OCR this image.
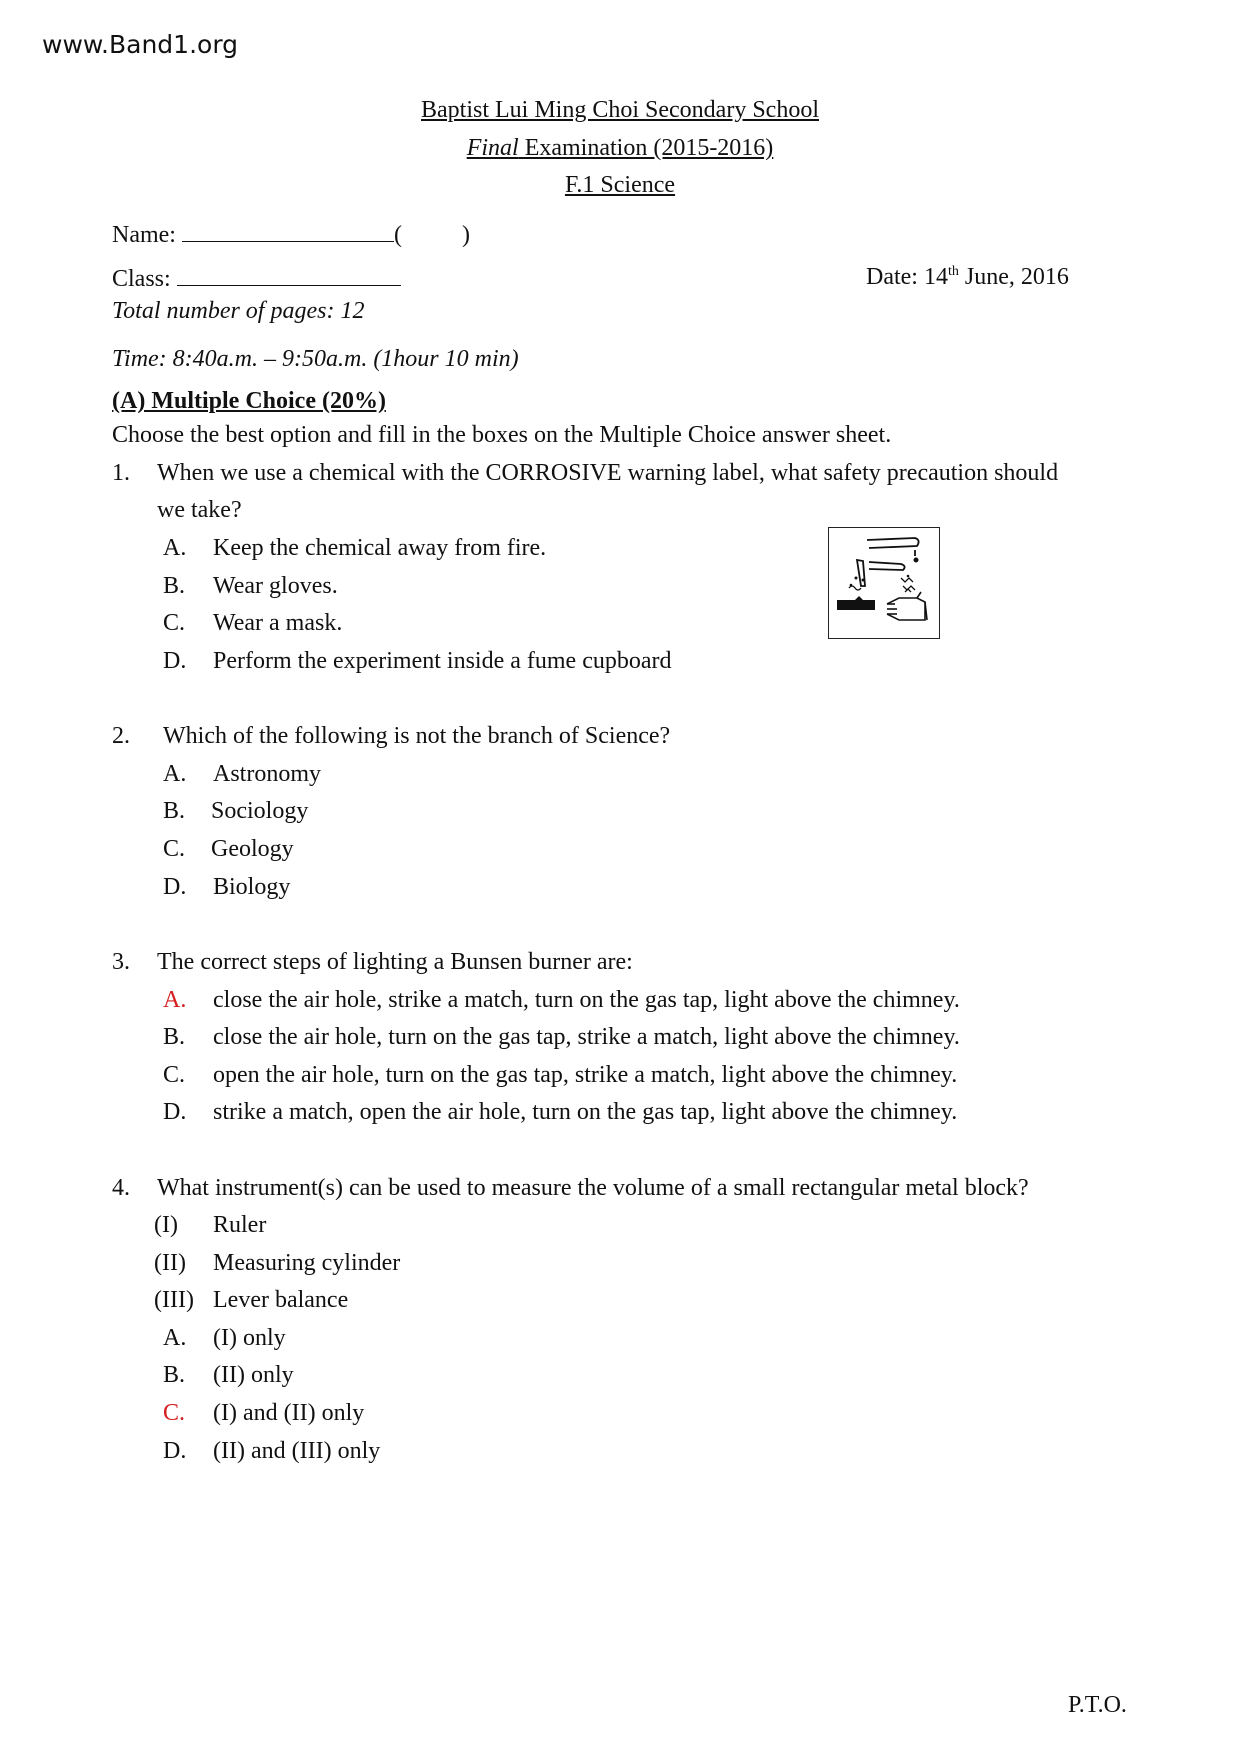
www.Band1.org
Baptist Lui Ming Choi Secondary School
Final Examination (2015-2016)
F.1 Science
Name:	(	)
Class:	Date: 14th June, 2016
Total number of pages: 12
Time: 8:40a.m. – 9:50a.m. (1hour 10 min)
(A) Multiple Choice (20%)
Choose the best option and fill in the boxes on the Multiple Choice answer sheet.
1. When we use a chemical with the CORROSIVE warning label, what safety precaution should
we take?
A. Keep the chemical away from fire.
B. Wear gloves.
C. Wear a mask.
D. Perform the experiment inside a fume cupboard
2. Which of the following is not the branch of Science?
A. Astronomy
B. Sociology
C. Geology
D. Biology
3. The correct steps of lighting a Bunsen burner are:
A. close the air hole, strike a match, turn on the gas tap, light above the chimney.
B. close the air hole, turn on the gas tap, strike a match, light above the chimney.
C. open the air hole, turn on the gas tap, strike a match, light above the chimney.
D. strike a match, open the air hole, turn on the gas tap, light above the chimney.
4. What instrument(s) can be used to measure the volume of a small rectangular metal block?
(I) Ruler
(II) Measuring cylinder
(III) Lever balance
A. (I) only
B. (II) only
C. (I) and (II) only
D. (II) and (III) only
P.T.O.
